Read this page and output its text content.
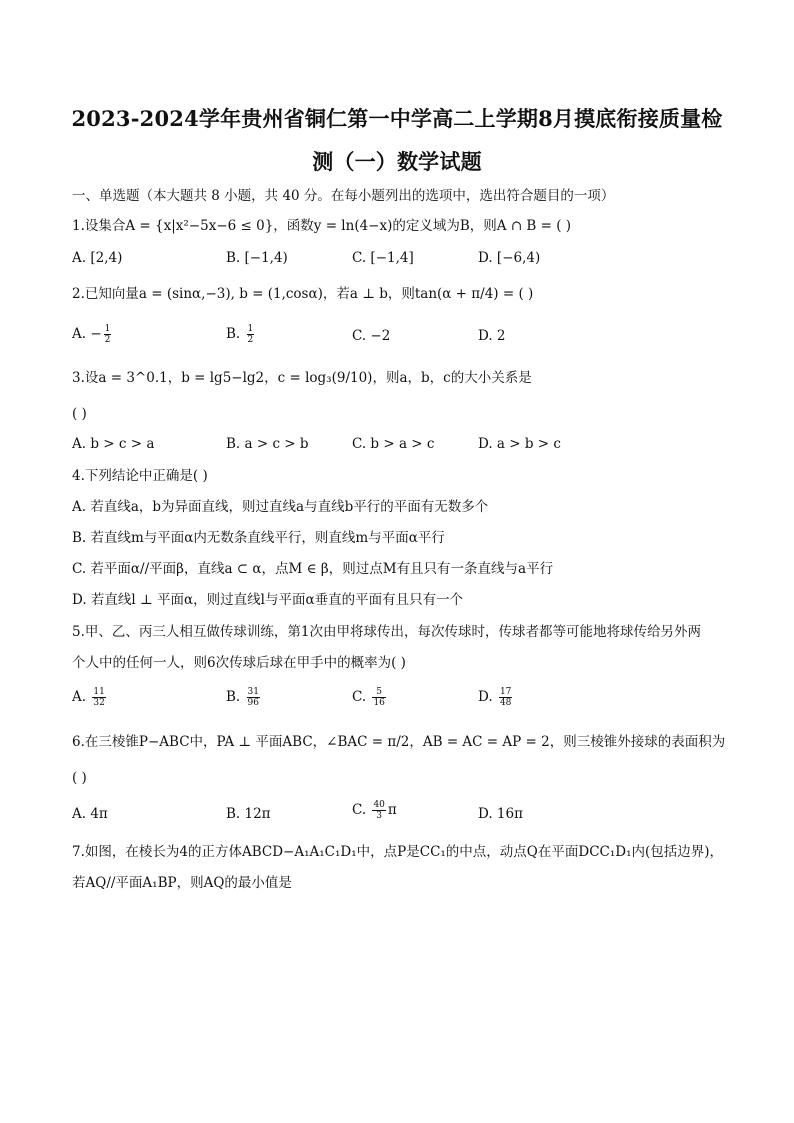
2023-2024学年贵州省铜仁第一中学高二上学期8月摸底衔接质量检
测（一）数学试题
一、单选题（本大题共 8 小题，共 40 分。在每小题列出的选项中，选出符合题目的一项）
1.设集合A = {x|x²−5x−6 ≤ 0}，函数y = ln(4−x)的定义域为B，则A ∩ B = ( )
A. [2,4)	B. [−1,4)	C. [−1,4]	D. [−6,4)
2.已知向量a = (sinα,−3), b = (1,cosα)，若a ⊥ b，则tan(α + π/4) = ( )
A. − $\frac{1}{2}$	B. $\frac{1}{2}$	C. −2	D. 2
3.设a = 3^0.1，b = lg5−lg2，c = log₃(9/10)，则a，b，c的大小关系是
( )
A. b > c > a	B. a > c > b	C. b > a > c	D. a > b > c
4.下列结论中正确是( )
A. 若直线a，b为异面直线，则过直线a与直线b平行的平面有无数多个
B. 若直线m与平面α内无数条直线平行，则直线m与平面α平行
C. 若平面α//平面β，直线a ⊂ α，点M ∈ β，则过点M有且只有一条直线与a平行
D. 若直线l ⊥ 平面α，则过直线l与平面α垂直的平面有且只有一个
5.甲、乙、丙三人相互做传球训练，第1次由甲将球传出，每次传球时，传球者都等可能地将球传给另外两
个人中的任何一人，则6次传球后球在甲手中的概率为( )
A. $\frac{11}{32}$	B. $\frac{31}{96}$	C. $\frac{5}{16}$	D. $\frac{17}{48}$
6.在三棱锥P−ABC中，PA ⊥ 平面ABC，∠BAC = π/2，AB = AC = AP = 2，则三棱锥外接球的表面积为
( )
A. 4π	B. 12π	C. $\frac{40}{3}$ π	D. 16π
7.如图，在棱长为4的正方体ABCD−A₁A₁C₁D₁中，点P是CC₁的中点，动点Q在平面DCC₁D₁内(包括边界)，
若AQ//平面A₁BP，则AQ的最小值是
